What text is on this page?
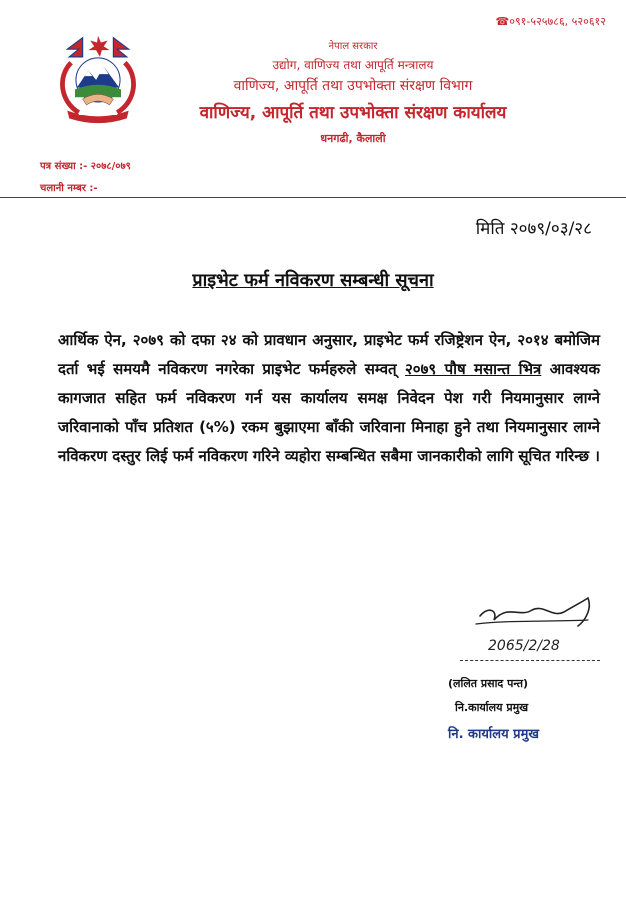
☎०९१-५२५७८६, ५२०६१२
नेपाल सरकार
उद्योग, वाणिज्य तथा आपूर्ति मन्त्रालय
वाणिज्य, आपूर्ति तथा उपभोक्ता संरक्षण विभाग
वाणिज्य, आपूर्ति तथा उपभोक्ता संरक्षण कार्यालय
धनगढी, कैलाली
पत्र संख्या :- २०७८/०७९
चलानी नम्बर :-
मिति २०७९/०३/२८
प्राइभेट फर्म नविकरण सम्बन्धी सूचना

आर्थिक ऐन, २०७९ को दफा २४ को प्रावधान अनुसार, प्राइभेट फर्म रजिष्ट्रेशन ऐन, २०१४ बमोजिम दर्ता भई समयमै नविकरण नगरेका प्राइभेट फर्महरुले सम्वत् २०७९ पौष मसान्त भित्र आवश्यक कागजात सहित फर्म नविकरण गर्न यस कार्यालय समक्ष निवेदन पेश गरी नियमानुसार लाग्ने जरिवानाको पाँच प्रतिशत (५%) रकम बुझाएमा बाँकी जरिवाना मिनाहा हुने तथा नियमानुसार लाग्ने नविकरण दस्तुर लिई फर्म नविकरण गरिने व्यहोरा सम्बन्धित सबैमा जानकारीको लागि सूचित गरिन्छ ।

2065/2/28
(ललित प्रसाद पन्त)
नि.कार्यालय प्रमुख
नि. कार्यालय प्रमुख
